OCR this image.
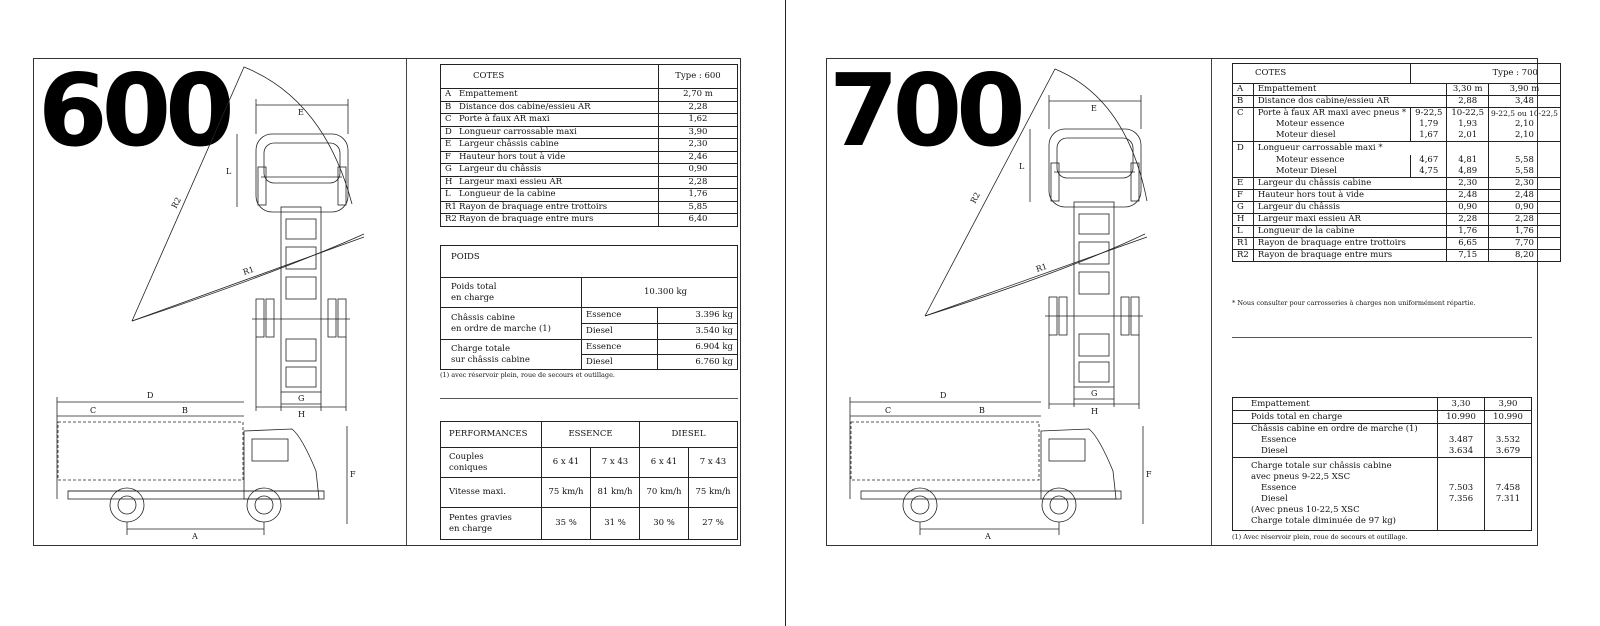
600	E
L
R2
R1
D
C	B
G
H
F
A
COTES	Type : 600
A Empattement	2,70 m
B Distance dos cabine/essieu AR	2,28
C Porte à faux AR maxi	1,62
D Longueur carrossable maxi	3,90
E Largeur châssis cabine	2,30
F Hauteur hors tout à vide	2,46
G Largeur du châssis	0,90
H Largeur maxi essieu AR	2,28
L Longueur de la cabine	1,76
R1 Rayon de braquage entre trottoirs	5,85
R2 Rayon de braquage entre murs	6,40
POIDS		
Poids total
en charge	10.300 kg	
Châssis cabine
en ordre de marche (1)	Essence	3.396 kg
	Diesel	3.540 kg
Charge totale
sur châssis cabine	Essence	6.904 kg
	Diesel	6.760 kg
(1) avec réservoir plein, roue de secours et outillage.
PERFORMANCES	ESSENCE		DIESEL	
Couples
coniques	6 x 41	7 x 43	6 x 41	7 x 43
Vitesse maxi.	75 km/h	81 km/h	70 km/h	75 km/h
Pentes gravies
en charge	35 %	31 %	30 %	27 %
700	E
L
R2
R1
D
C	B
G
H
F
A
COTES		Type : 700		
A	Empattement		3,30 m	3,90 m
B	Distance dos cabine/essieu AR		2,88	3,48
C	Porte à faux AR maxi avec pneus *	9-22,5	10-22,5	9-22,5 ou 10-22,5
	Moteur essence	1,79	1,93	2,10
	Moteur diesel	1,67	2,01	2,10
D	Longueur carrossable maxi *			
	Moteur essence	4,67	4,81	5,58
	Moteur Diesel	4,75	4,89	5,58
E	Largeur du châssis cabine		2,30	2,30
F	Hauteur hors tout à vide		2,48	2,48
G	Largeur du châssis		0,90	0,90
H	Largeur maxi essieu AR		2,28	2,28
L	Longueur de la cabine		1,76	1,76
R1	Rayon de braquage entre trottoirs		6,65	7,70
R2	Rayon de braquage entre murs		7,15	8,20
* Nous consulter pour carrosseries à charges non uniformément répartie.
Empattement	3,30	3,90
Poids total en charge	10.990	10.990
Châssis cabine en ordre de marche (1)		
Essence	3.487	3.532
Diesel	3.634	3.679
Charge totale sur châssis cabine		
avec pneus 9-22,5 XSC		
Essence	7.503	7.458
Diesel	7.356	7.311
(Avec pneus 10-22,5 XSC		
Charge totale diminuée de 97 kg)		
(1) Avec réservoir plein, roue de secours et outillage.
